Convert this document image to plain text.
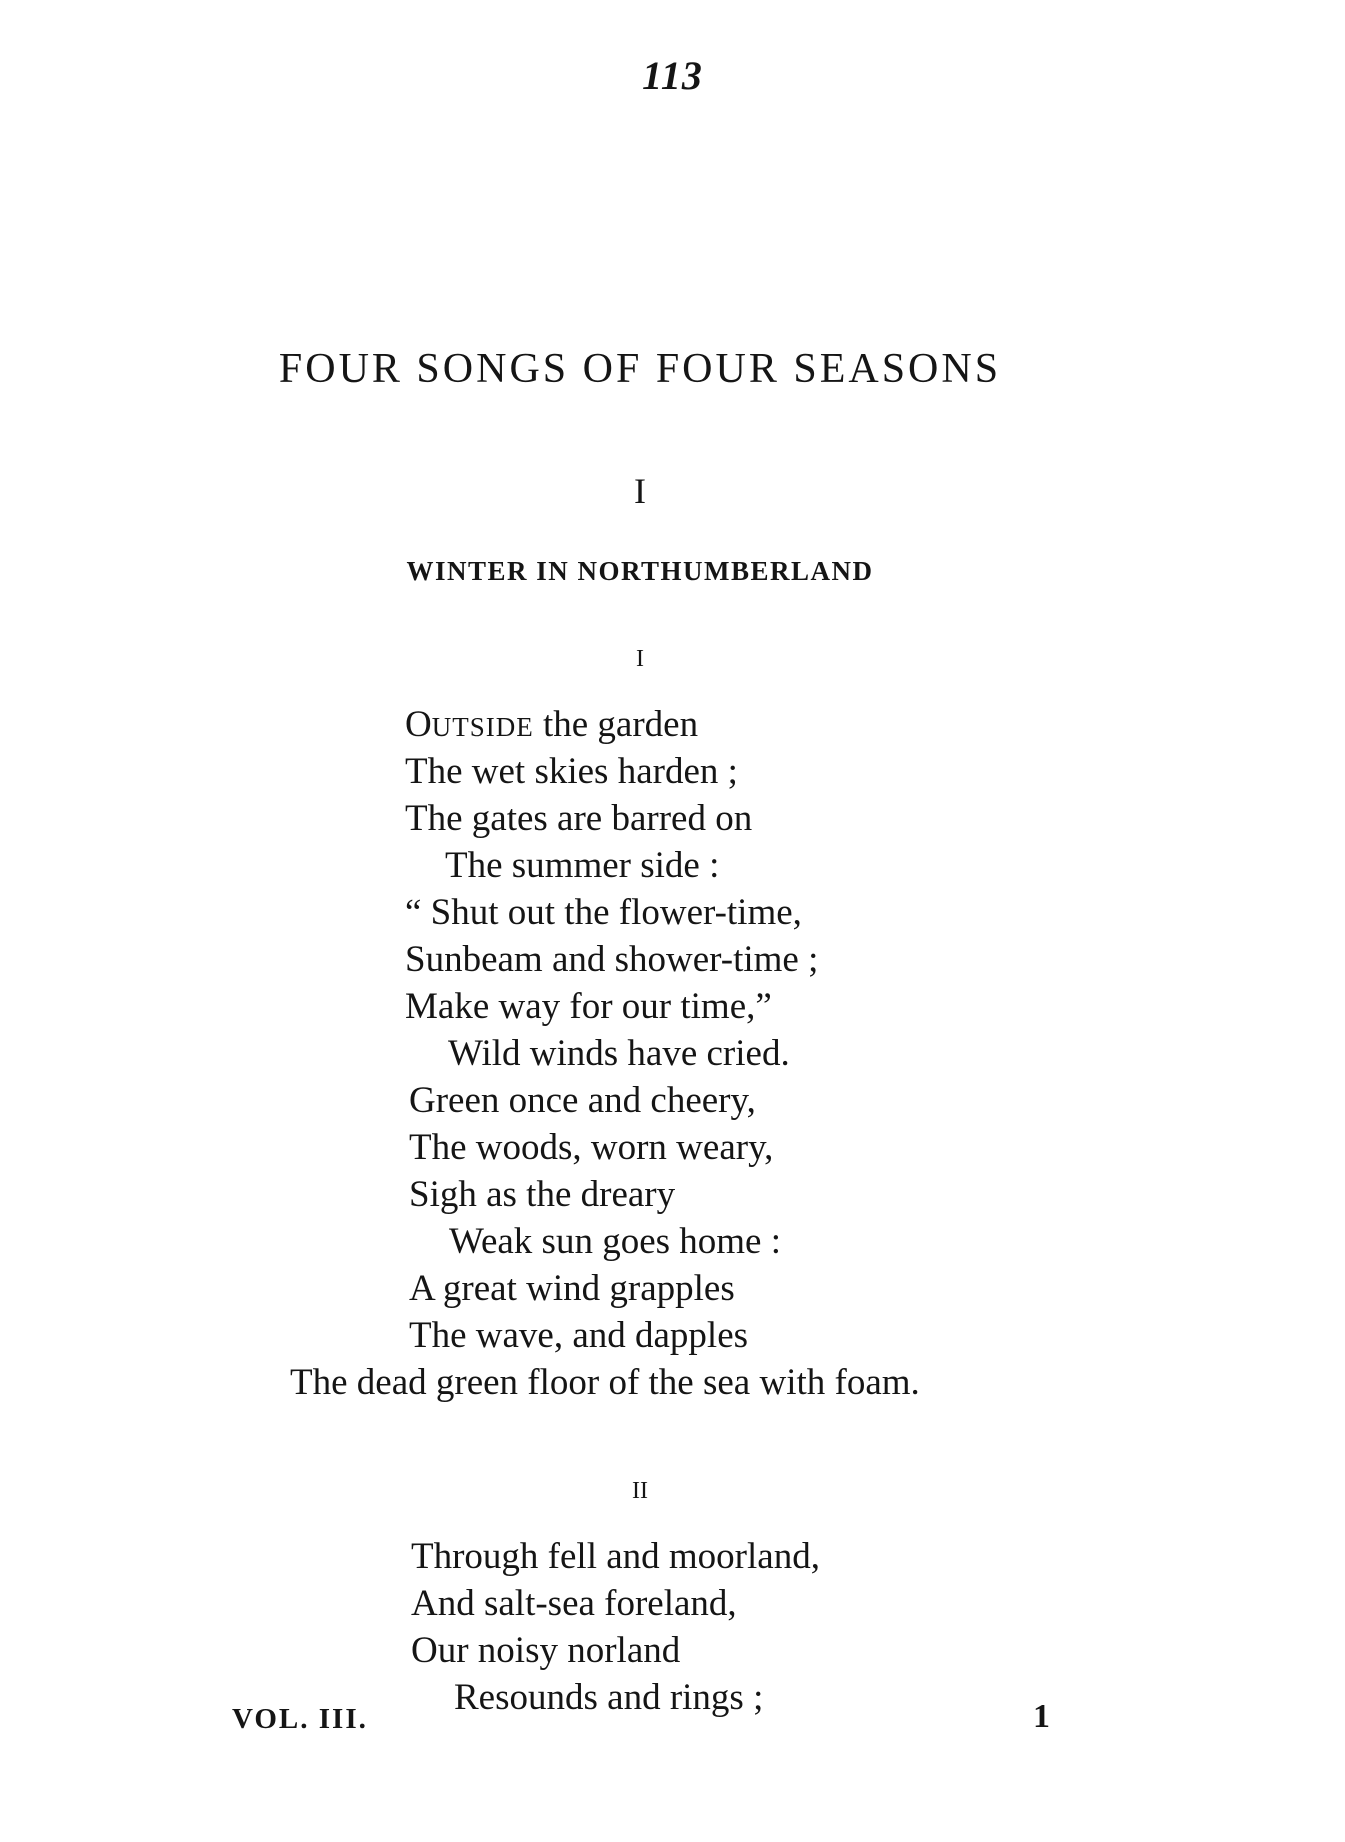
113
FOUR SONGS OF FOUR SEASONS
I
WINTER IN NORTHUMBERLAND
I
OUTSIDE the garden
The wet skies harden ;
The gates are barred on
The summer side :
“ Shut out the flower-time,
Sunbeam and shower-time ;
Make way for our time,”
Wild winds have cried.
Green once and cheery,
The woods, worn weary,
Sigh as the dreary
Weak sun goes home :
A great wind grapples
The wave, and dapples
The dead green floor of the sea with foam.
II
Through fell and moorland,
And salt-sea foreland,
Our noisy norland
Resounds and rings ;
VOL. III.	1
